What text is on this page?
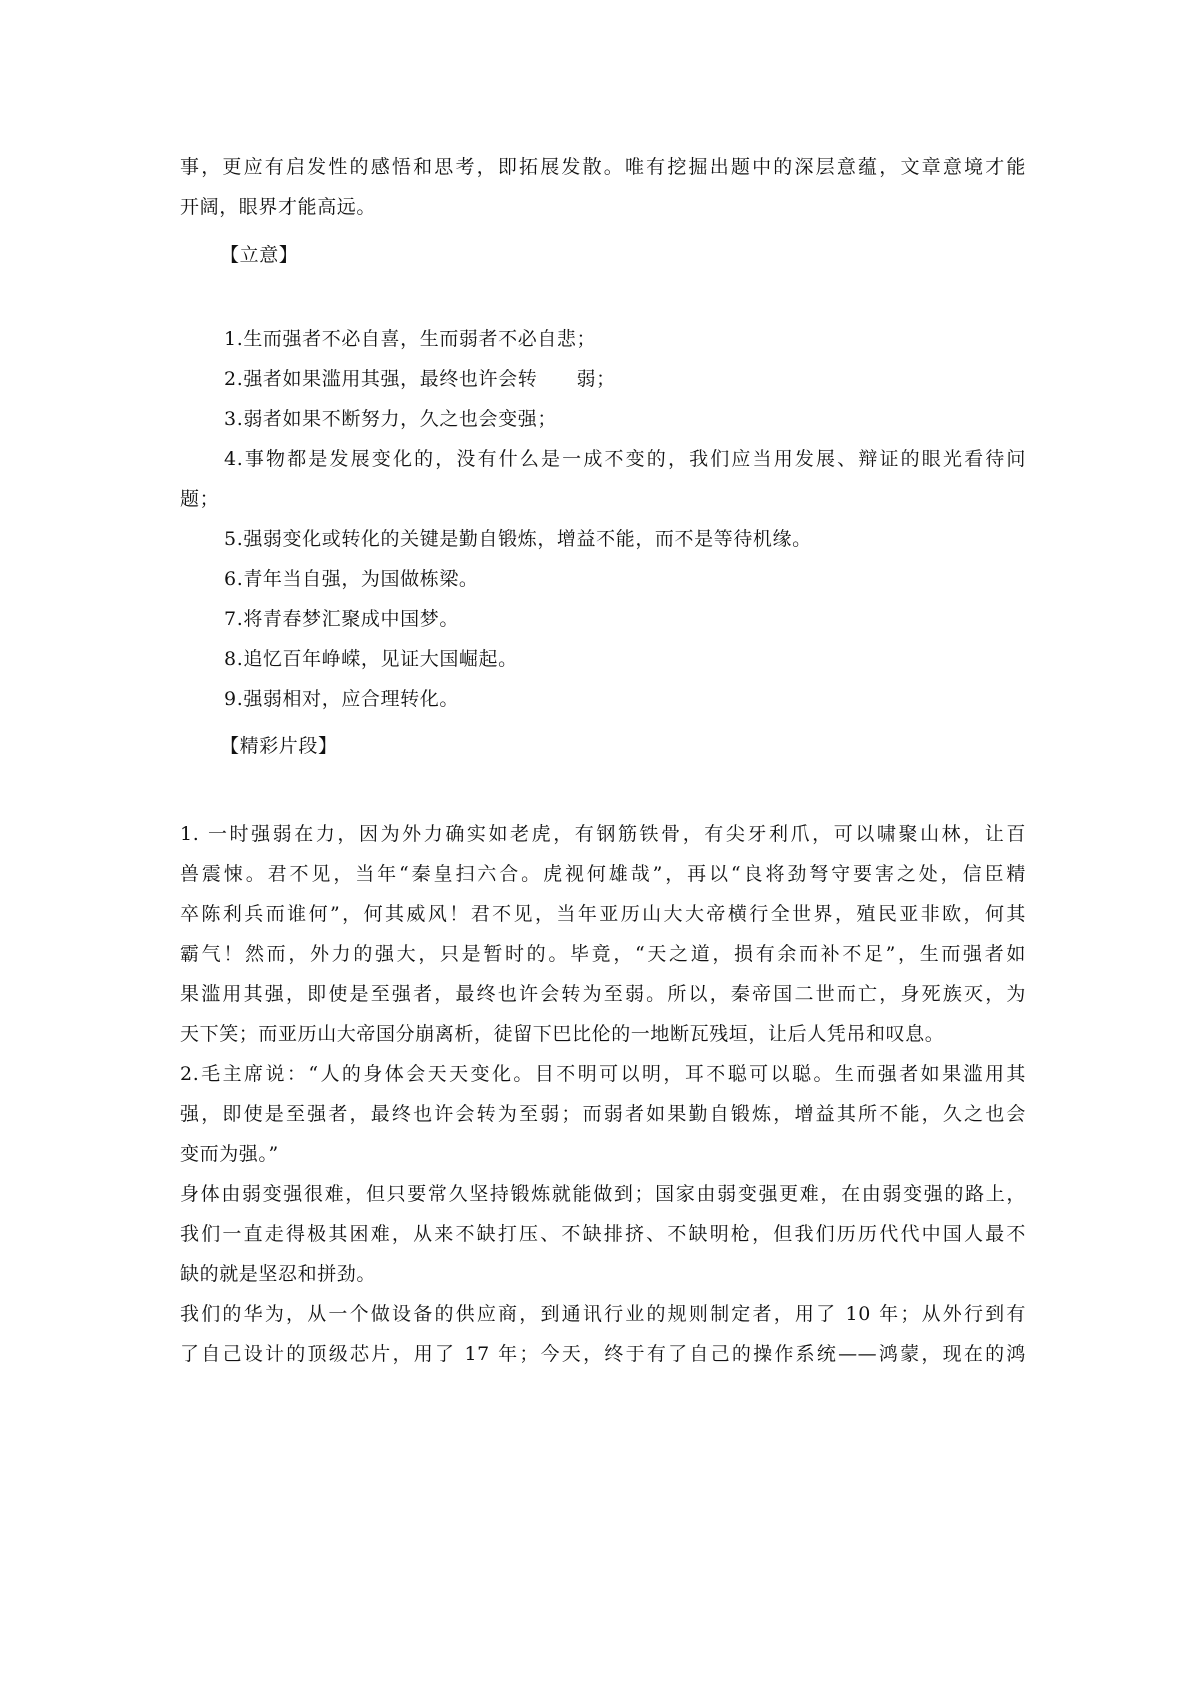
事，更应有启发性的感悟和思考，即拓展发散。唯有挖掘出题中的深层意蕴，文章意境才能
开阔，眼界才能高远。
【立意】
1.生而强者不必自喜，生而弱者不必自悲；
2.强者如果滥用其强，最终也许会转　　弱；
3.弱者如果不断努力，久之也会变强；
4.事物都是发展变化的，没有什么是一成不变的，我们应当用发展、辩证的眼光看待问
题；
5.强弱变化或转化的关键是勤自锻炼，增益不能，而不是等待机缘。
6.青年当自强，为国做栋梁。
7.将青春梦汇聚成中国梦。
8.追忆百年峥嵘，见证大国崛起。
9.强弱相对，应合理转化。
【精彩片段】
1. 一时强弱在力，因为外力确实如老虎，有钢筋铁骨，有尖牙利爪，可以啸聚山林，让百
兽震悚。君不见，当年“秦皇扫六合。虎视何雄哉”，再以“良将劲弩守要害之处，信臣精
卒陈利兵而谁何”，何其威风！君不见，当年亚历山大大帝横行全世界，殖民亚非欧，何其
霸气！然而，外力的强大，只是暂时的。毕竟，“天之道，损有余而补不足”，生而强者如
果滥用其强，即使是至强者，最终也许会转为至弱。所以，秦帝国二世而亡，身死族灭，为
天下笑；而亚历山大帝国分崩离析，徒留下巴比伦的一地断瓦残垣，让后人凭吊和叹息。
2.毛主席说：“人的身体会天天变化。目不明可以明，耳不聪可以聪。生而强者如果滥用其
强，即使是至强者，最终也许会转为至弱；而弱者如果勤自锻炼，增益其所不能，久之也会
变而为强。”
身体由弱变强很难，但只要常久坚持锻炼就能做到；国家由弱变强更难，在由弱变强的路上，
我们一直走得极其困难，从来不缺打压、不缺排挤、不缺明枪，但我们历历代代中国人最不
缺的就是坚忍和拼劲。
我们的华为，从一个做设备的供应商，到通讯行业的规则制定者，用了 10 年；从外行到有
了自己设计的顶级芯片，用了 17 年；今天，终于有了自己的操作系统——鸿蒙，现在的鸿
